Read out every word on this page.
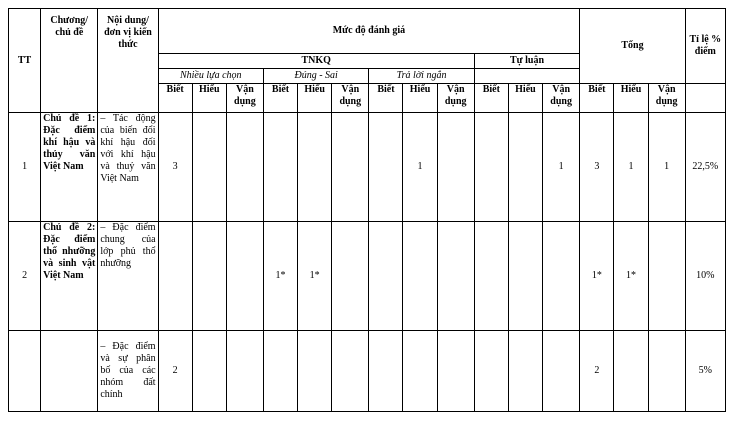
TT	Chương/ chủ đề	Nội dung/đơn vị kiến thức	Mức độ đánh giá												Tổng			Tỉ lệ % điểm
			TNKQ									Tự luận						
			Nhiều lựa chọn			Đúng - Sai			Trả lời ngắn									
			Biết	Hiểu	Vận dụng	Biết	Hiểu	Vận dụng	Biết	Hiểu	Vận dụng	Biết	Hiểu	Vận dụng	Biết	Hiểu	Vận dụng	
1	Chủ đề 1: Đặc điểm khí hậu và thủy văn Việt Nam	– Tác động của biến đổi khí hậu đối với khí hậu và thuỷ văn Việt Nam	3							1				1	3	1	1	22,5%
2	Chủ đề 2: Đặc điểm thổ nhưỡng và sinh vật Việt Nam	– Đặc điểm chung của lớp phủ thổ nhưỡng				1*	1*								1*	1*		10%
		– Đặc điểm và sự phân bố của các nhóm đất chính	2												2			5%
